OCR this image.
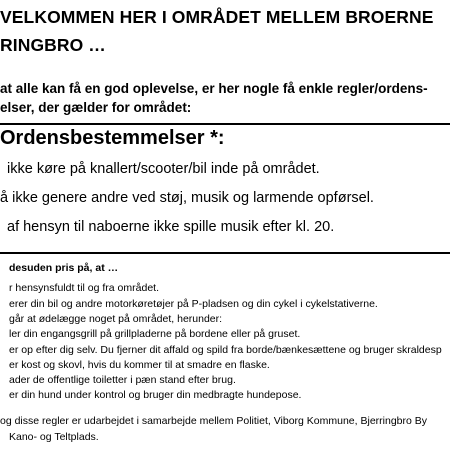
VELKOMMEN HER I OMRÅDET MELLEM BROERNE

RINGBRO …

at alle kan få en god oplevelse, er her nogle få enkle regler/ordens-

elser, der gælder for området:

Ordensbestemmelser *:

ikke køre på knallert/scooter/bil inde på området.

å ikke genere andre ved støj, musik og larmende opførsel.

af hensyn til naboerne ikke spille musik efter kl. 20.

desuden pris på, at …

r hensynsfuldt til og fra området.

erer din bil og andre motorkøretøjer på P-pladsen og din cykel i cykelstativerne.

går at ødelægge noget på området, herunder:

ler din engangsgrill på grillpladerne på bordene eller på gruset.

er op efter dig selv. Du fjerner dit affald og spild fra borde/bænkesættene og bruger skraldesp

er kost og skovl, hvis du kommer til at smadre en flaske.

ader de offentlige toiletter i pæn stand efter brug.

er din hund under kontrol og bruger din medbragte hundepose.

og disse regler er udarbejdet i samarbejde mellem Politiet, Viborg Kommune, Bjerringbro By

Kano- og Teltplads.
